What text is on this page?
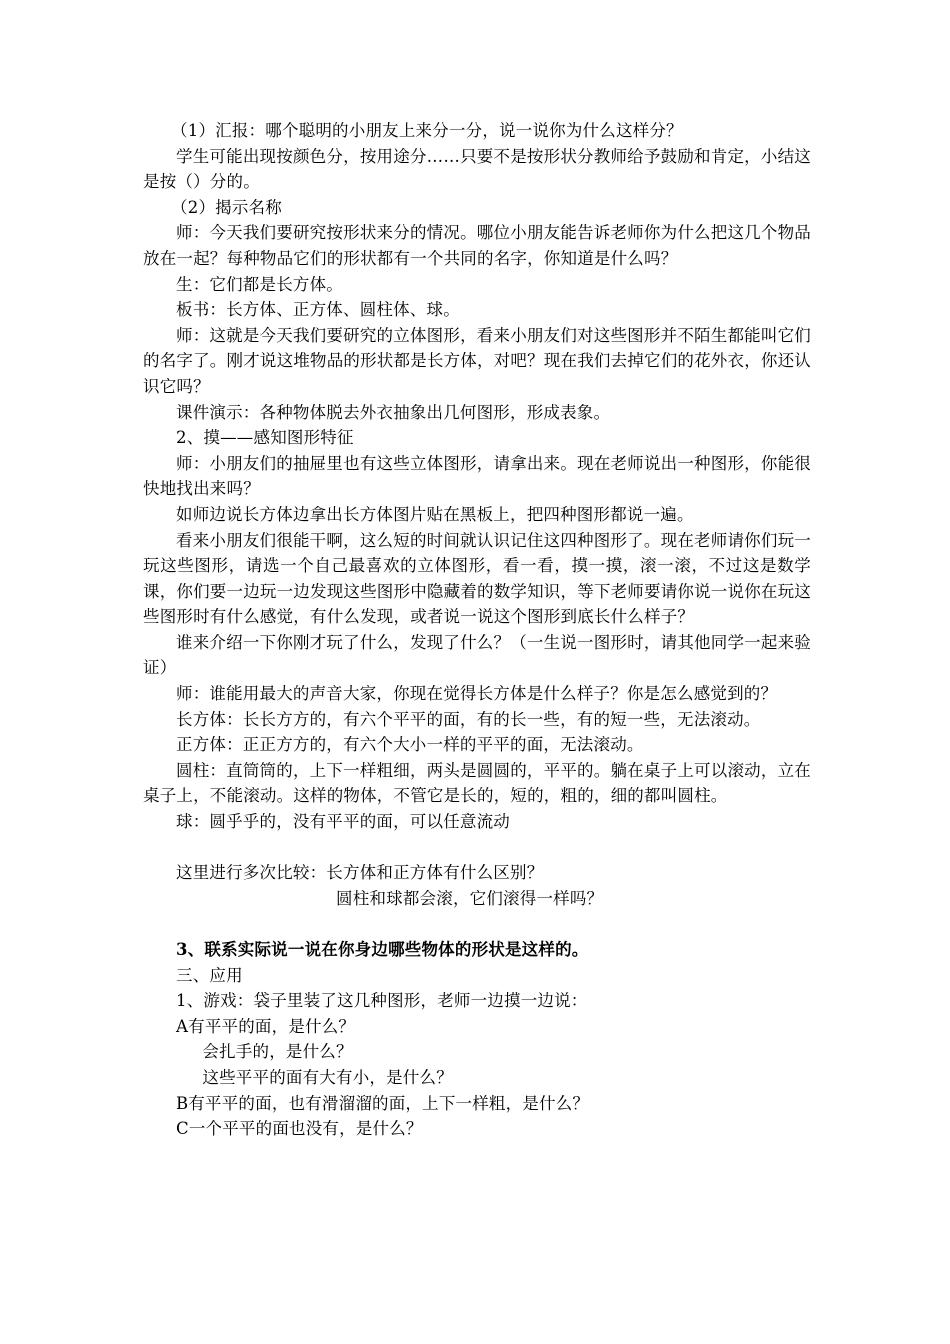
（1）汇报：哪个聪明的小朋友上来分一分，说一说你为什么这样分？

学生可能出现按颜色分，按用途分……只要不是按形状分教师给予鼓励和肯定，小结这是按（）分的。

（2）揭示名称

师：今天我们要研究按形状来分的情况。哪位小朋友能告诉老师你为什么把这几个物品放在一起？每种物品它们的形状都有一个共同的名字，你知道是什么吗？

生：它们都是长方体。

板书：长方体、正方体、圆柱体、球。

师：这就是今天我们要研究的立体图形，看来小朋友们对这些图形并不陌生都能叫它们的名字了。刚才说这堆物品的形状都是长方体，对吧？现在我们去掉它们的花外衣，你还认识它吗？

课件演示：各种物体脱去外衣抽象出几何图形，形成表象。

2、摸——感知图形特征

师：小朋友们的抽屉里也有这些立体图形，请拿出来。现在老师说出一种图形，你能很快地找出来吗？

如师边说长方体边拿出长方体图片贴在黑板上，把四种图形都说一遍。

看来小朋友们很能干啊，这么短的时间就认识记住这四种图形了。现在老师请你们玩一玩这些图形，请选一个自己最喜欢的立体图形，看一看，摸一摸，滚一滚，不过这是数学课，你们要一边玩一边发现这些图形中隐藏着的数学知识，等下老师要请你说一说你在玩这些图形时有什么感觉，有什么发现，或者说一说这个图形到底长什么样子？

谁来介绍一下你刚才玩了什么，发现了什么？（一生说一图形时，请其他同学一起来验证）

师：谁能用最大的声音大家，你现在觉得长方体是什么样子？你是怎么感觉到的？

长方体：长长方方的，有六个平平的面，有的长一些，有的短一些，无法滚动。

正方体：正正方方的，有六个大小一样的平平的面，无法滚动。

圆柱：直筒筒的，上下一样粗细，两头是圆圆的，平平的。躺在桌子上可以滚动，立在桌子上，不能滚动。这样的物体，不管它是长的，短的，粗的，细的都叫圆柱。

球：圆乎乎的，没有平平的面，可以任意流动

这里进行多次比较：长方体和正方体有什么区别？

圆柱和球都会滚，它们滚得一样吗？

3、联系实际说一说在你身边哪些物体的形状是这样的。

三、应用

1、游戏：袋子里装了这几种图形，老师一边摸一边说：

A有平平的面，是什么？

会扎手的，是什么？

这些平平的面有大有小，是什么？

B有平平的面，也有滑溜溜的面，上下一样粗，是什么？

C一个平平的面也没有，是什么？
